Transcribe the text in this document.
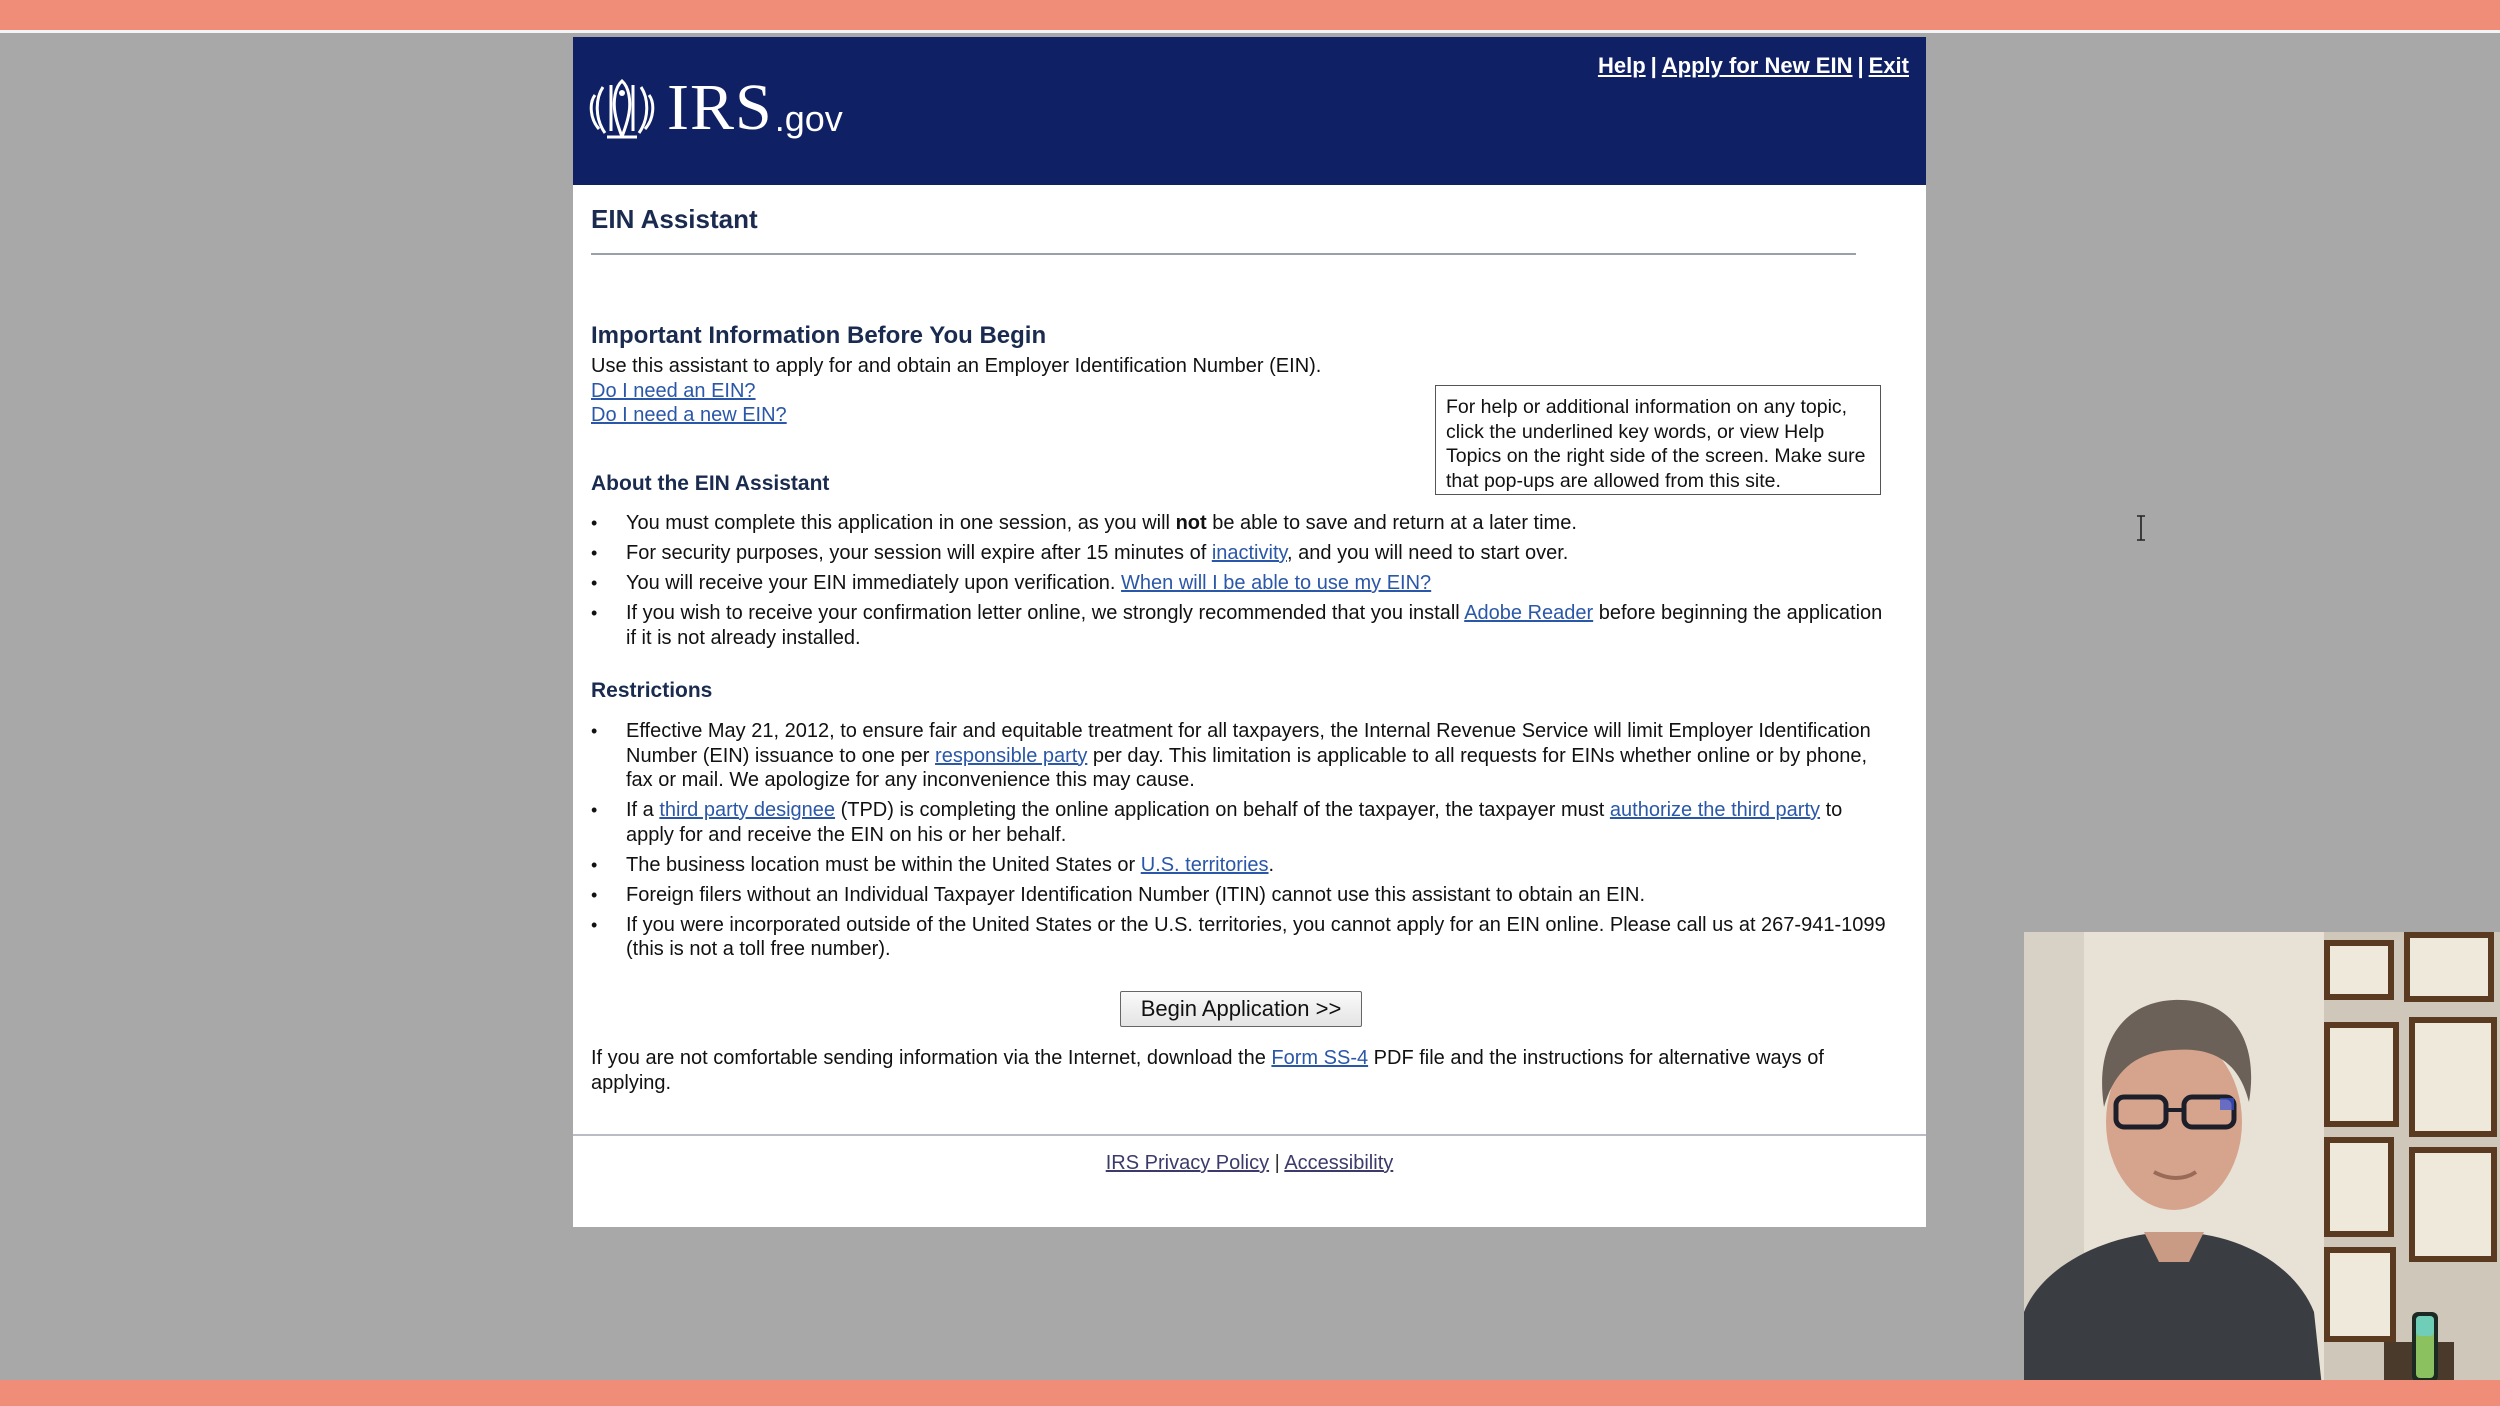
IRS .gov
Help | Apply for New EIN | Exit
EIN Assistant
Important Information Before You Begin
Use this assistant to apply for and obtain an Employer Identification Number (EIN).
Do I need an EIN?
Do I need a new EIN?	For help or additional information on any topic, click the underlined key words, or view Help Topics on the right side of the screen. Make sure that pop-ups are allowed from this site.
About the EIN Assistant
• You must complete this application in one session, as you will not be able to save and return at a later time.
• For security purposes, your session will expire after 15 minutes of inactivity, and you will need to start over.
• You will receive your EIN immediately upon verification. When will I be able to use my EIN?
• If you wish to receive your confirmation letter online, we strongly recommended that you install Adobe Reader before beginning the application if it is not already installed.
Restrictions
• Effective May 21, 2012, to ensure fair and equitable treatment for all taxpayers, the Internal Revenue Service will limit Employer Identification Number (EIN) issuance to one per responsible party per day. This limitation is applicable to all requests for EINs whether online or by phone, fax or mail. We apologize for any inconvenience this may cause.
• If a third party designee (TPD) is completing the online application on behalf of the taxpayer, the taxpayer must authorize the third party to apply for and receive the EIN on his or her behalf.
• The business location must be within the United States or U.S. territories.
• Foreign filers without an Individual Taxpayer Identification Number (ITIN) cannot use this assistant to obtain an EIN.
• If you were incorporated outside of the United States or the U.S. territories, you cannot apply for an EIN online. Please call us at 267-941-1099 (this is not a toll free number).
Begin Application >>
If you are not comfortable sending information via the Internet, download the Form SS-4 PDF file and the instructions for alternative ways of applying.
IRS Privacy Policy | Accessibility
